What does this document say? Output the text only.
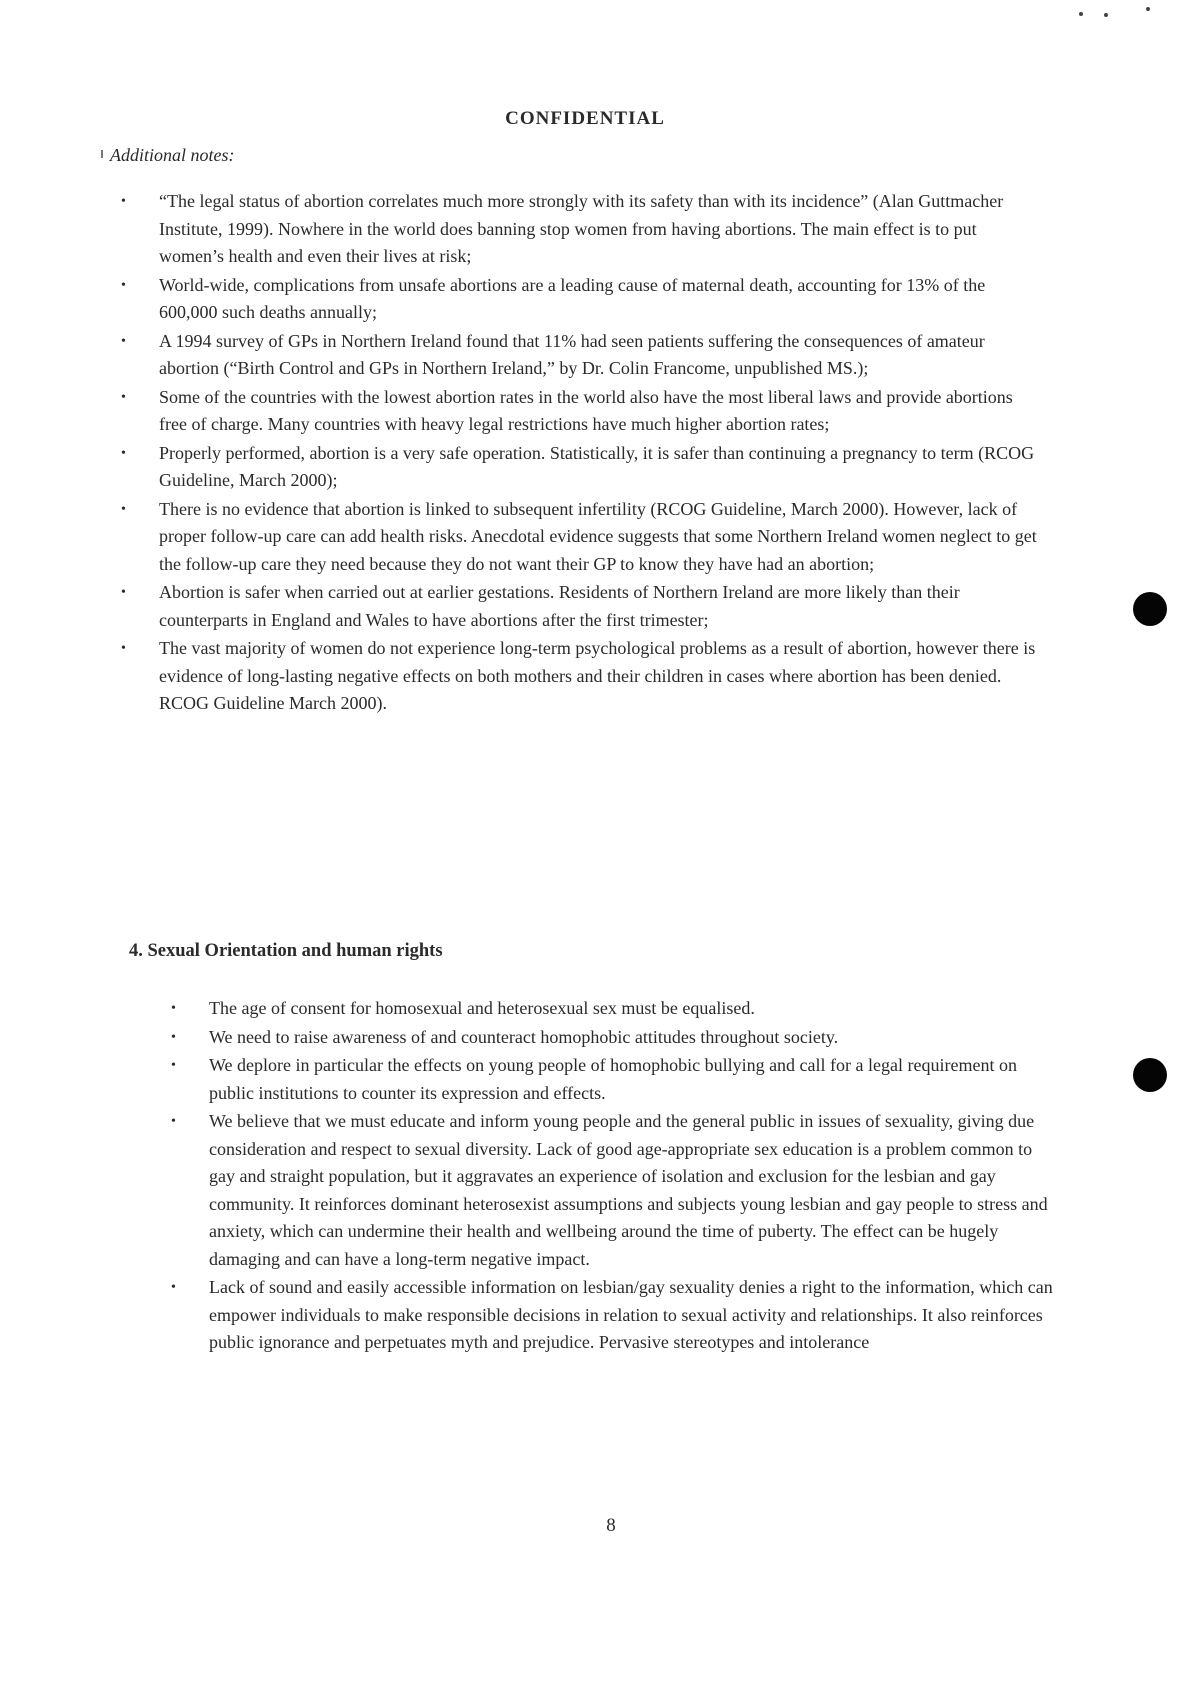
CONFIDENTIAL
Additional notes:
•	“The legal status of abortion correlates much more strongly with its safety than with its incidence” (Alan Guttmacher Institute, 1999). Nowhere in the world does banning stop women from having abortions. The main effect is to put women’s health and even their lives at risk;
•	World-wide, complications from unsafe abortions are a leading cause of maternal death, accounting for 13% of the 600,000 such deaths annually;
•	A 1994 survey of GPs in Northern Ireland found that 11% had seen patients suffering the consequences of amateur abortion (“Birth Control and GPs in Northern Ireland,” by Dr. Colin Francome, unpublished MS.);
•	Some of the countries with the lowest abortion rates in the world also have the most liberal laws and provide abortions free of charge. Many countries with heavy legal restrictions have much higher abortion rates;
•	Properly performed, abortion is a very safe operation. Statistically, it is safer than continuing a pregnancy to term (RCOG Guideline, March 2000);
•	There is no evidence that abortion is linked to subsequent infertility (RCOG Guideline, March 2000). However, lack of proper follow-up care can add health risks. Anecdotal evidence suggests that some Northern Ireland women neglect to get the follow-up care they need because they do not want their GP to know they have had an abortion;
•	Abortion is safer when carried out at earlier gestations. Residents of Northern Ireland are more likely than their counterparts in England and Wales to have abortions after the first trimester;
•	The vast majority of women do not experience long-term psychological problems as a result of abortion, however there is evidence of long-lasting negative effects on both mothers and their children in cases where abortion has been denied. RCOG Guideline March 2000).
4. Sexual Orientation and human rights
•	The age of consent for homosexual and heterosexual sex must be equalised.
•	We need to raise awareness of and counteract homophobic attitudes throughout society.
•	We deplore in particular the effects on young people of homophobic bullying and call for a legal requirement on public institutions to counter its expression and effects.
•	We believe that we must educate and inform young people and the general public in issues of sexuality, giving due consideration and respect to sexual diversity. Lack of good age-appropriate sex education is a problem common to gay and straight population, but it aggravates an experience of isolation and exclusion for the lesbian and gay community. It reinforces dominant heterosexist assumptions and subjects young lesbian and gay people to stress and anxiety, which can undermine their health and wellbeing around the time of puberty. The effect can be hugely damaging and can have a long-term negative impact.
•	Lack of sound and easily accessible information on lesbian/gay sexuality denies a right to the information, which can empower individuals to make responsible decisions in relation to sexual activity and relationships. It also reinforces public ignorance and perpetuates myth and prejudice. Pervasive stereotypes and intolerance
8
